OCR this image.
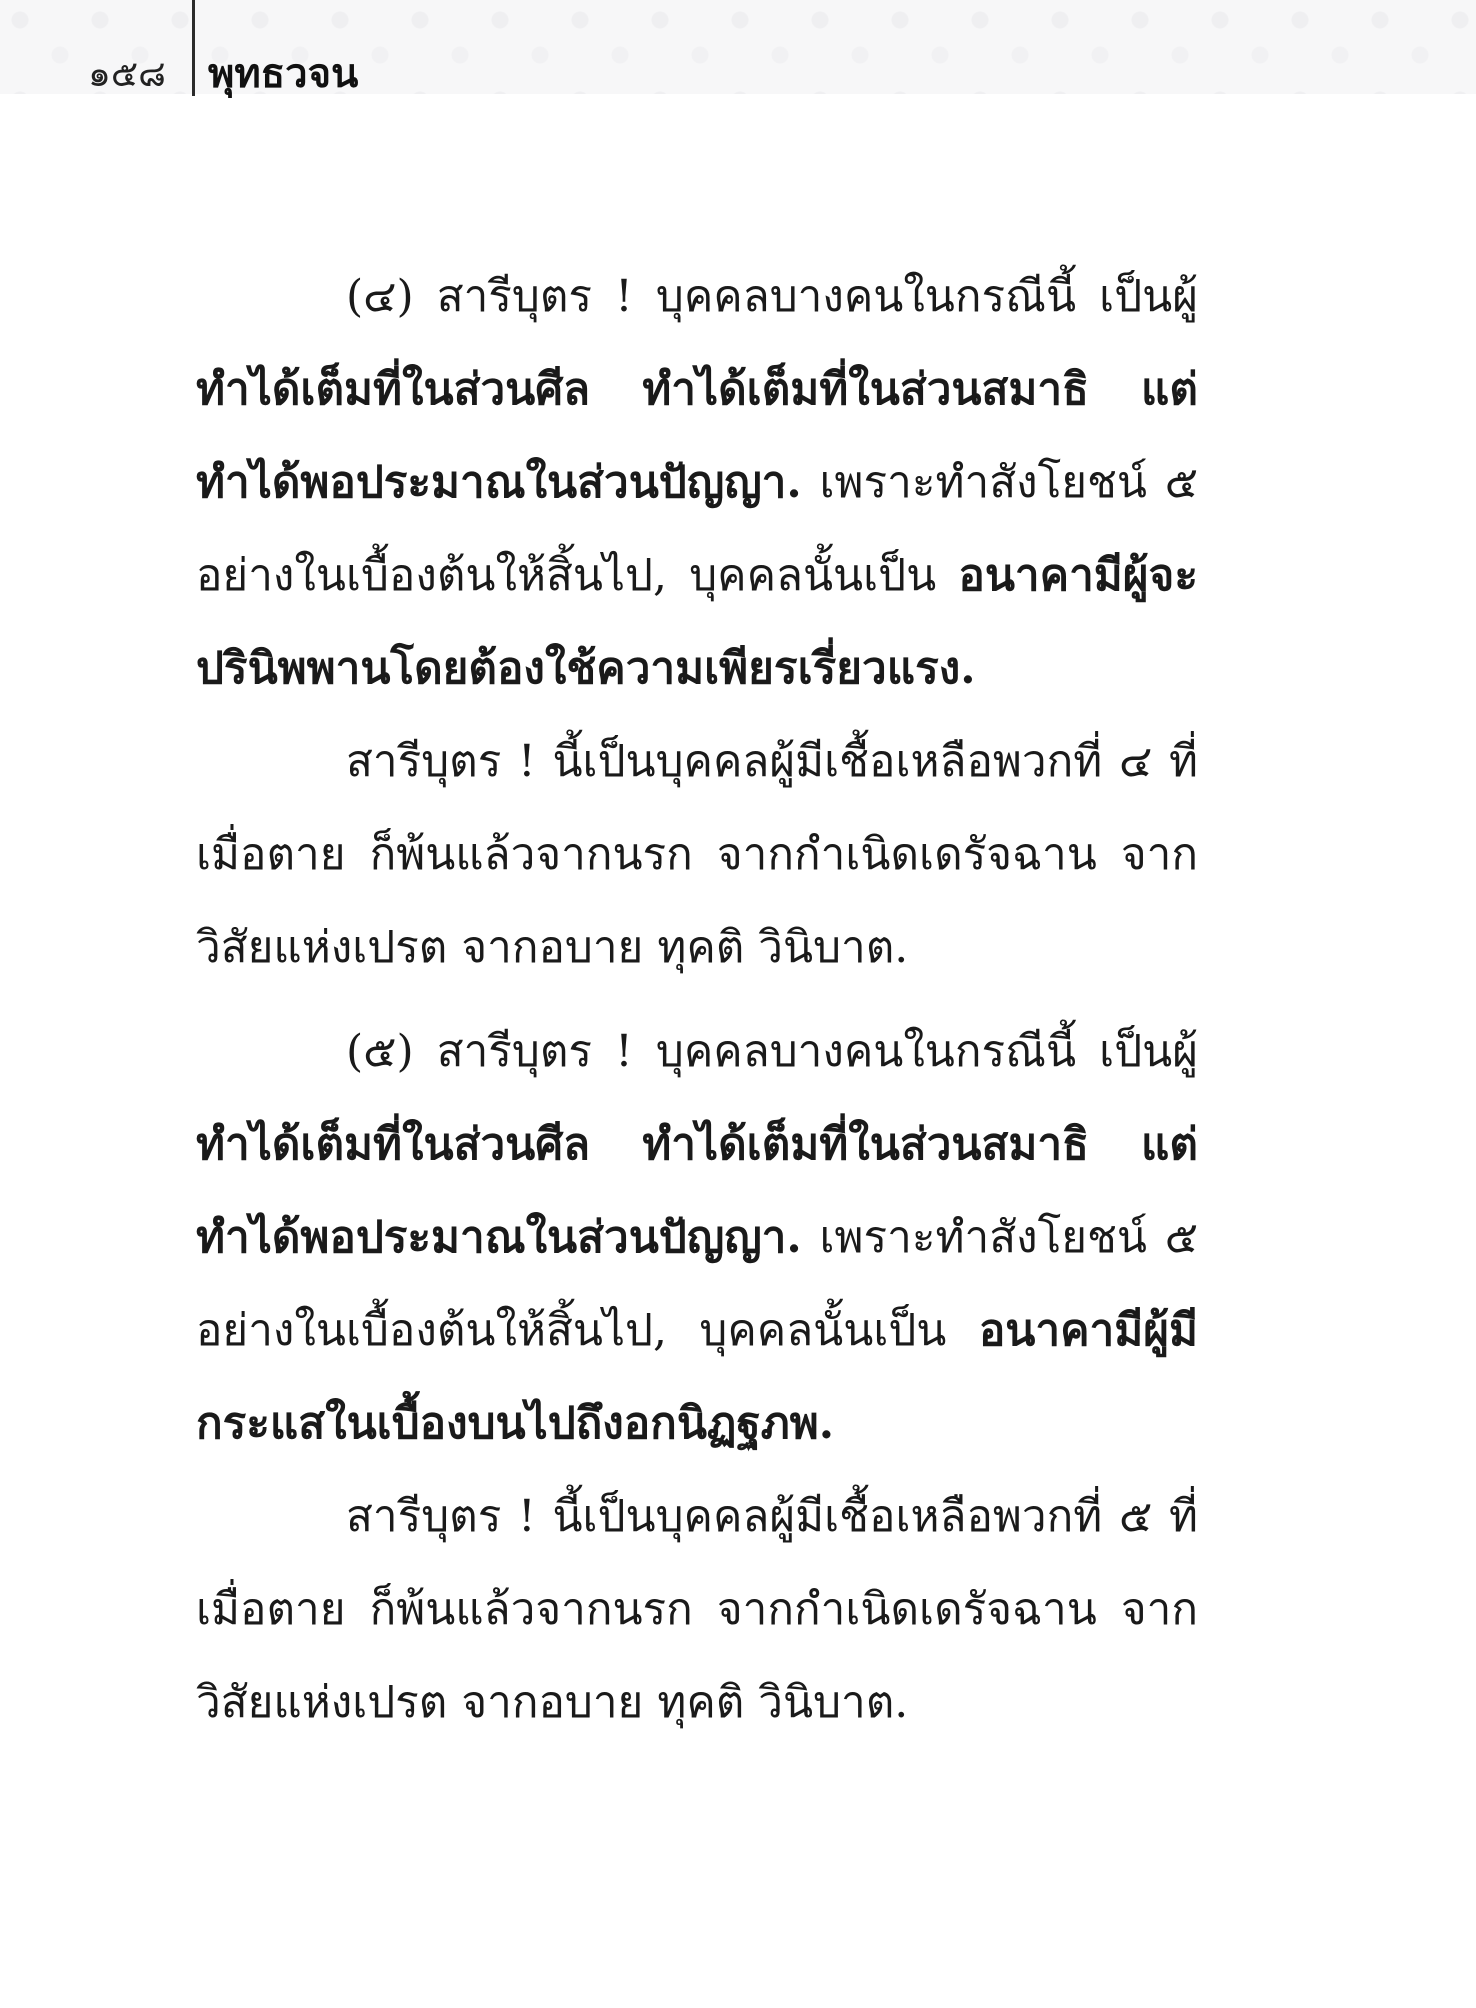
๑๕๘ พุทธวจน

(๔) สารีบุตร ! บุคคลบางคนในกรณีนี้ เป็นผู้ ทำได้เต็มที่ในส่วนศีล ทำได้เต็มที่ในส่วนสมาธิ แต่ทำได้พอประมาณในส่วนปัญญา. เพราะทำสังโยชน์ ๕ อย่างในเบื้องต้นให้สิ้นไป, บุคคลนั้นเป็น อนาคามีผู้จะปรินิพพานโดยต้องใช้ความเพียรเรี่ยวแรง.

สารีบุตร ! นี้เป็นบุคคลผู้มีเชื้อเหลือพวกที่ ๔ ที่เมื่อตาย ก็พ้นแล้วจากนรก จากกำเนิดเดรัจฉาน จากวิสัยแห่งเปรต จากอบาย ทุคติ วินิบาต.

(๕) สารีบุตร ! บุคคลบางคนในกรณีนี้ เป็นผู้ ทำได้เต็มที่ในส่วนศีล ทำได้เต็มที่ในส่วนสมาธิ แต่ทำได้พอประมาณในส่วนปัญญา. เพราะทำสังโยชน์ ๕ อย่างในเบื้องต้นให้สิ้นไป, บุคคลนั้นเป็น อนาคามีผู้มีกระแสในเบื้องบนไปถึงอกนิฏฐภพ.

สารีบุตร ! นี้เป็นบุคคลผู้มีเชื้อเหลือพวกที่ ๕ ที่เมื่อตาย ก็พ้นแล้วจากนรก จากกำเนิดเดรัจฉาน จากวิสัยแห่งเปรต จากอบาย ทุคติ วินิบาต.
